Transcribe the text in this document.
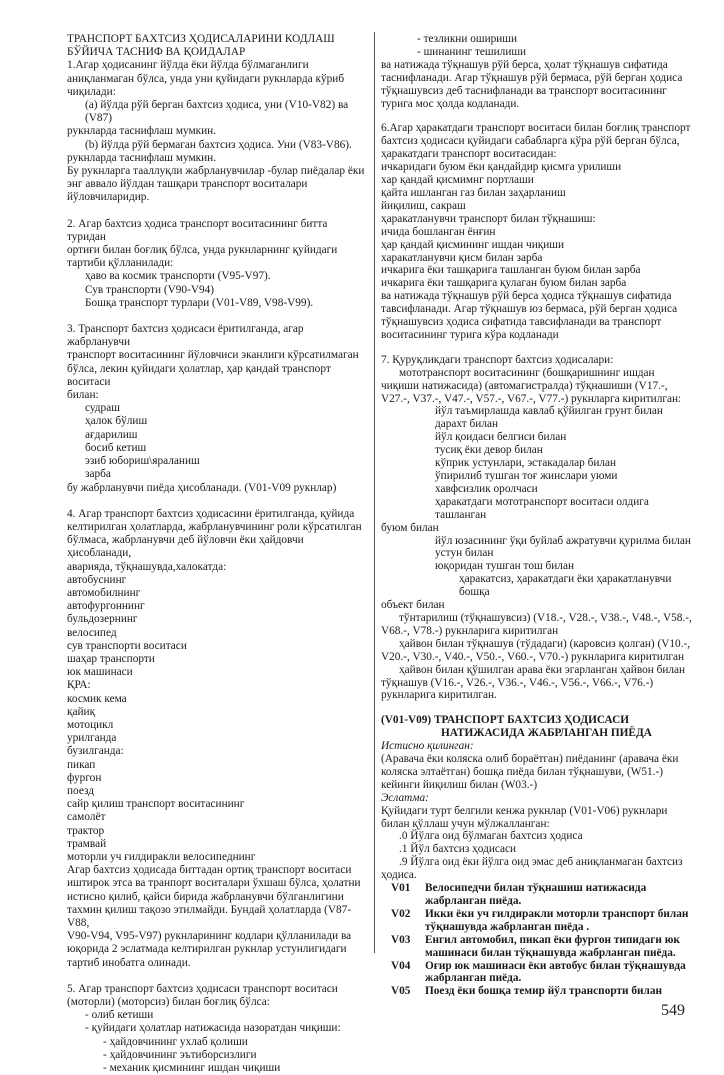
ТРАНСПОРТ БАХТСИЗ ҲОДИСАЛАРИНИ КОДЛАШ
БЎЙИЧА ТАСНИФ ВА ҚОИДАЛАР
1.Агар ҳодисанинг йўлда ёки йўлда бўлмаганлиги
аниқланмаган бўлса, унда уни қуйидаги рукнларда кўриб
чиқилади:
(а) йўлда рўй берган бахтсиз ҳодиса, уни (V10-V82) ва (V87)
рукнларда таснифлаш мумкин.
(b) йўлда рўй бермаган бахтсиз ҳодиса. Уни (V83-V86).
рукнларда таснифлаш мумкин.
Бу рукнларга тааллуқли жабрланувчилар -булар пиёдалар ёки
энг аввало йўлдан ташқари транспорт воситалари
йўловчиларидир.
2. Агар бахтсиз ҳодиса транспорт воситасининг битта туридан
ортиғи билан боғлиқ бўлса, унда рукнларнинг қуйидаги
тартиби қўлланилади:
ҳаво ва космик транспорти (V95-V97).
Сув транспорти (V90-V94)
Бошқа транспорт турлари (V01-V89, V98-V99).
3. Транспорт бахтсиз ҳодисаси ёритилганда, агар жабрланувчи
транспорт воситасининг йўловчиси эканлиги кўрсатилмаган
бўлса, лекин қуйидаги ҳолатлар, ҳар қандай транспорт воситаси
билан:
судраш
ҳалок бўлиш
ағдарилиш
босиб кетиш
эзиб юбориш\яраланиш
зарба
бу жабрланувчи пиёда ҳисобланади. (V01-V09 рукнлар)
4. Агар транспорт бахтсиз ҳодисасини ёритилганда, қуйида
келтирилган ҳолатларда, жабрланувчининг роли кўрсатилган
бўлмаса, жабрланувчи деб йўловчи ёки ҳайдовчи ҳисобланади,
аварияда, тўқнашувда,халокатда:
автобуснинг
автомобилнинг
автофургоннинг
бульдозернинг
велосипед
сув транспорти воситаси
шаҳар транспорти
юк машинаси
ҚРА:
космик кема
қайиқ
мотоцикл
урилганда
бузилганда:
пикап
фургон
поезд
сайр қилиш транспорт воситасининг
самолёт
трактор
трамвай
моторли уч ғилдиракли велосипеднинг
Агар бахтсиз ҳодисада биттадан ортиқ транспорт воситаси
иштирок этса ва транпорт воситалари ўхшаш бўлса, ҳолатни
истисно қилиб, қайси бирида жабрланувчи бўлганлигини
тахмин қилиш тақозо этилмайди. Бундай ҳолатларда (V87-V88,
V90-V94, V95-V97) рукнларининг кодлари қўлланилади ва
юқорида 2 эслатмада келтирилган рукнлар устунлигидаги
тартиб инобатга олинади.
5. Агар транспорт бахтсиз ҳодисаси транспорт воситаси
(моторли) (моторсиз) билан боғлиқ бўлса:
- олиб кетиши
- қуйидаги ҳолатлар натижасида назоратдан чиқиши:
- ҳайдовчининг ухлаб қолиши
- ҳайдовчининг эътиборсизлиги
- механик қисмининг ишдан чиқиши
- тезликни ошириши
- шинанинг тешилиши
ва натижада тўқнашув рўй берса, ҳолат тўқнашув сифатида
таснифланади. Агар тўқнашув рўй бермаса, рўй берган ҳодиса
тўқнашувсиз деб таснифланади ва транспорт воситасининг
турига мос ҳолда кодланади.
6.Агар ҳаракатдаги транспорт воситаси билан боғлиқ транспорт
бахтсиз ҳодисаси қуйидаги сабабларга кўра рўй берган бўлса,
ҳаракатдаги транспорт воситасидан:
ичкаридаги буюм ёки қандайдир қисмга урилиши
хар қандай қисмимнг портлаши
қайта ишланган газ билан заҳарланиш
йиқилиш, сакраш
ҳаракатланувчи транспорт билан тўқнашиш:
ичида бошланган ёнғин
ҳар қандай қисмининг ишдан чиқиши
харакатланувчи қисм билан зарба
ичкарига ёки ташқарига ташланган буюм билан зарба
ичкарига ёки ташқарига қулаган буюм билан зарба
ва натижада тўқнашув рўй берса ҳодиса тўқнашув сифатида
тавсифланади. Агар тўқнашув юз бермаса, рўй берган ҳодиса
тўқнашувсиз ҳодиса сифатида тавсифланади ва транспорт
воситасининг турига кўра кодланади
7. Қуруқликдаги транспорт бахтсиз ҳодисалари:
мототранспорт воситасининг (бошқаришнинг ишдан
чиқиши натижасида) (автомагистралда) тўқнашиши (V17.-,
V27.-, V37.-, V47.-, V57.-, V67.-, V77.-) рукнларга киритилган:
йўл таъмирлашда кавлаб қўйилган грунт билан
дарахт билан
йўл қоидаси белгиси билан
тусиқ ёки девор билан
кўприк устунлари, эстакадалар билан
ўпирилиб тушган тоғ жинслари уюми
хавфсизлик оролчаси
ҳаракатдаги мототранспорт воситаси олдига ташланган
буюм билан
йўл юзасининг ўқи буйлаб ажратувчи қурилма билан
устун билан
юқоридан тушган тош билан
ҳаракатсиз, ҳаракатдаги ёки ҳаракатланувчи бошқа
объект билан
тўнтарилиш (тўқнашувсиз) (V18.-, V28.-, V38.-, V48.-, V58.-,
V68.-, V78.-) рукнларига киритилган
ҳайвон билан тўқнашув (тўдадаги) (каровсиз қолган) (V10.-,
V20.-, V30.-, V40.-, V50.-, V60.-, V70.-) рукнларига киритилган
ҳайвон билан қўшилган арава ёки эгарланган ҳайвон билан
тўқнашув (V16.-, V26.-, V36.-, V46.-, V56.-, V66.-, V76.-)
рукнларига киритилган.
(V01-V09) ТРАНСПОРТ БАХТСИЗ ҲОДИСАСИ
НАТИЖАСИДА ЖАБРЛАНГАН ПИЁДА
Истисно қилинган:
(Аравача ёки коляска олиб бораётган) пиёданинг (аравача ёки
коляска элтаётган) бошқа пиёда билан тўқнашуви, (W51.-)
кейинги йиқилиш билан (W03.-)
Эслатма:
Қуйидаги турт белгили кенжа рукнлар (V01-V06) рукнлари
билан қўллаш учун мўлжалланган:
.0 Йўлга оид бўлмаган бахтсиз ҳодиса
.1 Йўл бахтсиз ҳодисаси
.9 Йўлга оид ёки йўлга оид эмас деб аниқланмаган бахтсиз
ҳодиса.
V01	Велосипедчи билан тўқнашиш натижасида жабрланган пиёда.
V02	Икки ёки уч ғилдиракли моторли транспорт билан тўқнашувда жабрланган пиёда .
V03	Енгил автомобил, пикап ёки фургон типидаги юк машинаси билан тўқнашувда жабрланган пиёда.
V04	Оғир юк машинаси ёки автобус билан тўқнашувда жабрланган пиёда.
V05	Поезд ёки бошқа темир йўл транспорти билан
549
